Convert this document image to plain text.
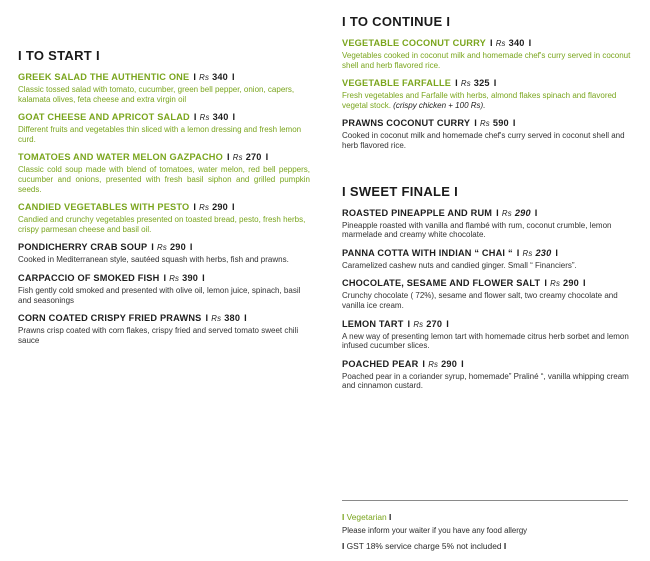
I TO START I
GREEK SALAD THE AUTHENTIC ONE I Rs 340 I
Classic tossed salad with tomato, cucumber, green bell pepper, onion, capers, kalamata olives, feta cheese and extra virgin oil
GOAT CHEESE AND APRICOT SALAD I Rs 340 I
Different fruits and vegetables thin sliced with a lemon dressing and fresh lemon curd.
TOMATOES AND WATER MELON GAZPACHO I Rs 270 I
Classic cold soup made with blend of tomatoes, water melon, red bell peppers, cucumber and onions, presented with fresh basil siphon and grilled pumpkin seeds.
CANDIED VEGETABLES WITH PESTO I Rs 290 I
Candied and crunchy vegetables presented on toasted bread, pesto, fresh herbs, crispy parmesan cheese and basil oil.
PONDICHERRY CRAB SOUP I Rs 290 I
Cooked in Mediterranean style, sautéed squash with herbs, fish and prawns.
CARPACCIO OF SMOKED FISH I Rs 390 I
Fish gently cold smoked and presented with olive oil, lemon juice, spinach, basil and seasonings
CORN COATED CRISPY FRIED PRAWNS I Rs 380 I
Prawns crisp coated with corn flakes, crispy fried and served tomato sweet chili sauce
I TO CONTINUE I
VEGETABLE COCONUT CURRY I Rs 340 I
Vegetables cooked in coconut milk and homemade chef's curry served in coconut shell and herb flavored rice.
VEGETABLE FARFALLE I Rs 325 I
Fresh vegetables and Farfalle with herbs, almond flakes spinach and flavored vegetal stock. (crispy chicken + 100 Rs).
PRAWNS COCONUT CURRY I Rs 590 I
Cooked in coconut milk and homemade chef's curry served in coconut shell and herb flavored rice.
I SWEET FINALE I
ROASTED PINEAPPLE AND RUM I Rs 290 I
Pineapple roasted with vanilla and flambé with rum, coconut crumble, lemon marmelade and creamy white chocolate.
PANNA COTTA WITH INDIAN “ CHAI “ I Rs 230 I
Caramelized cashew nuts and candied ginger. Small “ Financiers”.
CHOCOLATE, SESAME AND FLOWER SALT I Rs 290 I
Crunchy chocolate ( 72%), sesame and flower salt, two creamy chocolate and vanilla ice cream.
LEMON TART I Rs 270 I
A new way of presenting lemon tart with homemade citrus herb sorbet and lemon infused cucumber slices.
POACHED PEAR I Rs 290 I
Poached pear in a coriander syrup, homemade” Praliné “, vanilla whipping cream and cinnamon custard.
I Vegetarian I
Please inform your waiter if you have any food allergy
I GST 18% service charge 5% not included I
